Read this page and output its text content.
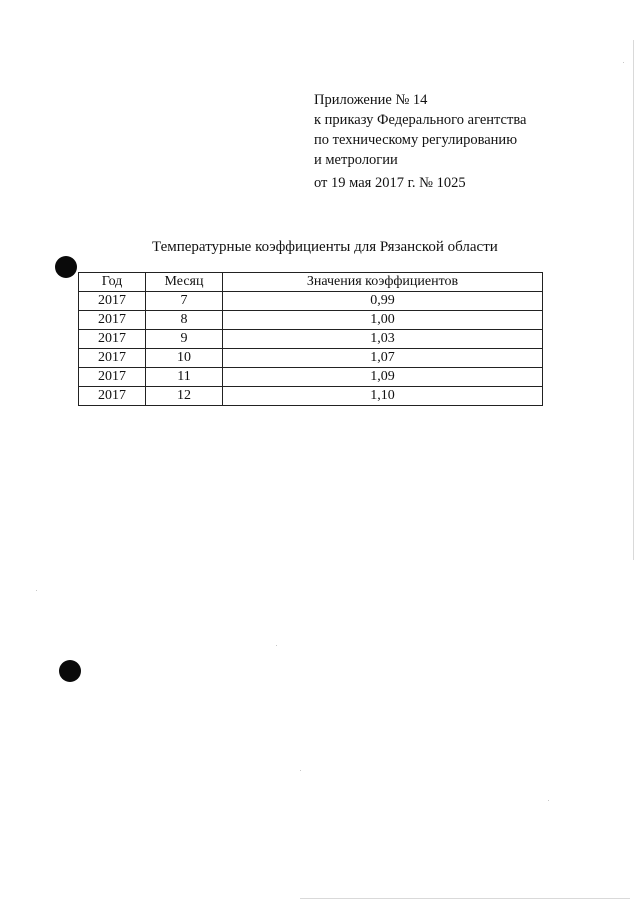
Приложение № 14
к приказу Федерального агентства
по техническому регулированию
и метрологии
от 19 мая 2017 г. № 1025
Температурные коэффициенты для Рязанской области
Год	Месяц	Значения коэффициентов
2017	7	0,99
2017	8	1,00
2017	9	1,03
2017	10	1,07
2017	11	1,09
2017	12	1,10
